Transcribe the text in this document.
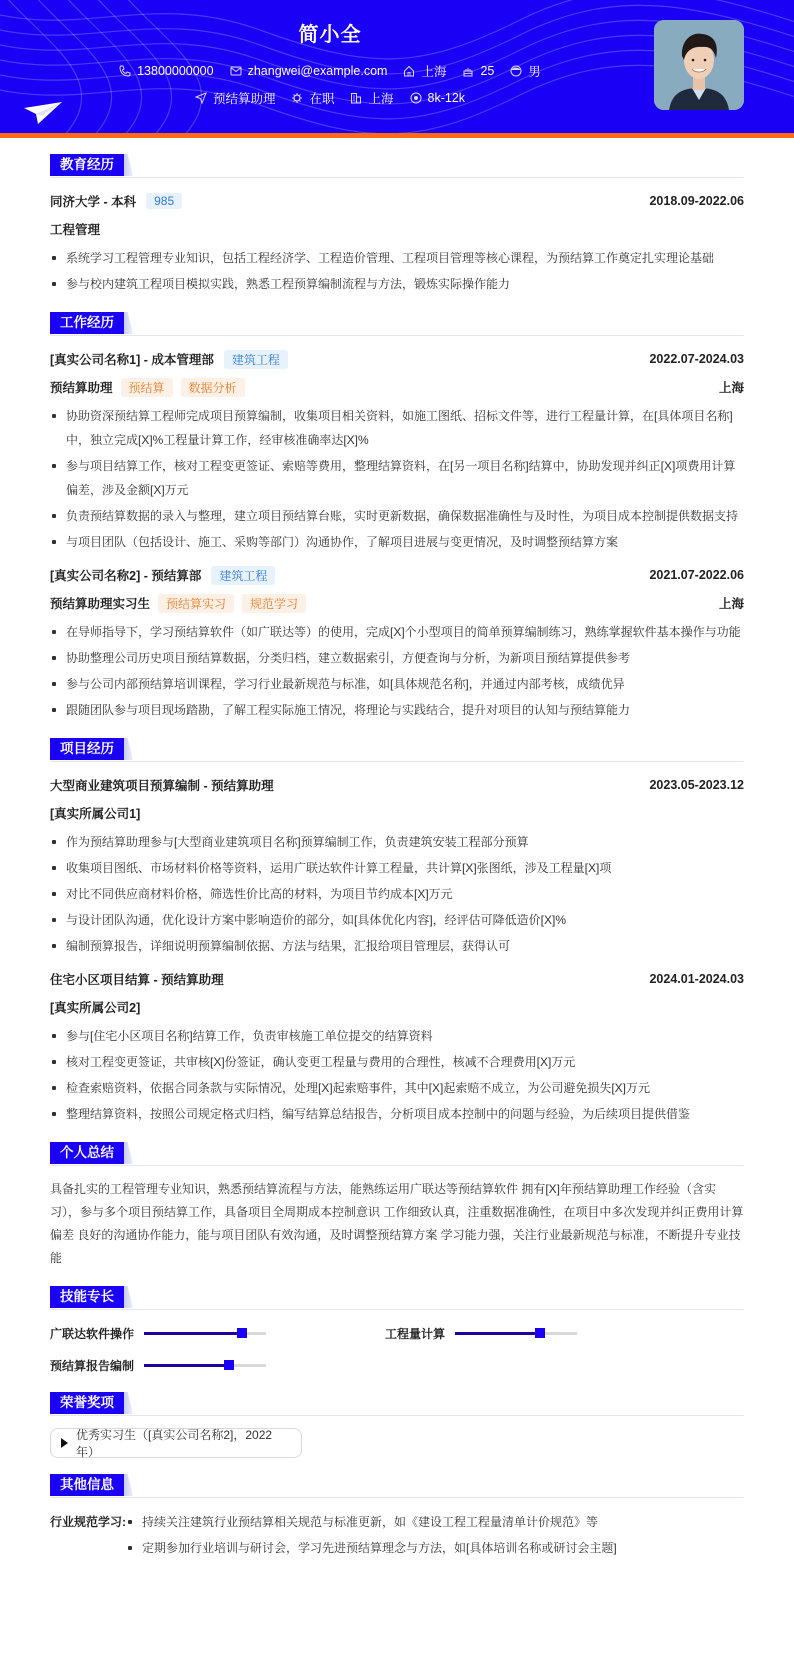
简小全
13800000000	zhangwei@example.com	上海	25	男
预结算助理	在职	上海	8k-12k
教育经历
同济大学 - 本科	985	2018.09-2022.06
工程管理
系统学习工程管理专业知识，包括工程经济学、工程造价管理、工程项目管理等核心课程，为预结算工作奠定扎实理论基础
参与校内建筑工程项目模拟实践，熟悉工程预算编制流程与方法，锻炼实际操作能力
工作经历
[真实公司名称1] - 成本管理部	建筑工程	2022.07-2024.03
预结算助理	预结算	数据分析	上海
协助资深预结算工程师完成项目预算编制，收集项目相关资料，如施工图纸、招标文件等，进行工程量计算，在[具体项目名称]中，独立完成[X]%工程量计算工作，经审核准确率达[X]%
参与项目结算工作，核对工程变更签证、索赔等费用，整理结算资料，在[另一项目名称]结算中，协助发现并纠正[X]项费用计算偏差，涉及金额[X]万元
负责预结算数据的录入与整理，建立项目预结算台账，实时更新数据，确保数据准确性与及时性，为项目成本控制提供数据支持
与项目团队（包括设计、施工、采购等部门）沟通协作，了解项目进展与变更情况，及时调整预结算方案
[真实公司名称2] - 预结算部	建筑工程	2021.07-2022.06
预结算助理实习生	预结算实习	规范学习	上海
在导师指导下，学习预结算软件（如广联达等）的使用，完成[X]个小型项目的简单预算编制练习，熟练掌握软件基本操作与功能
协助整理公司历史项目预结算数据，分类归档，建立数据索引，方便查询与分析，为新项目预结算提供参考
参与公司内部预结算培训课程，学习行业最新规范与标准，如[具体规范名称]，并通过内部考核，成绩优异
跟随团队参与项目现场踏勘，了解工程实际施工情况，将理论与实践结合，提升对项目的认知与预结算能力
项目经历
大型商业建筑项目预算编制 - 预结算助理	2023.05-2023.12
[真实所属公司1]
作为预结算助理参与[大型商业建筑项目名称]预算编制工作，负责建筑安装工程部分预算
收集项目图纸、市场材料价格等资料，运用广联达软件计算工程量，共计算[X]张图纸，涉及工程量[X]项
对比不同供应商材料价格，筛选性价比高的材料，为项目节约成本[X]万元
与设计团队沟通，优化设计方案中影响造价的部分，如[具体优化内容]，经评估可降低造价[X]%
编制预算报告，详细说明预算编制依据、方法与结果，汇报给项目管理层，获得认可
住宅小区项目结算 - 预结算助理	2024.01-2024.03
[真实所属公司2]
参与[住宅小区项目名称]结算工作，负责审核施工单位提交的结算资料
核对工程变更签证，共审核[X]份签证，确认变更工程量与费用的合理性，核减不合理费用[X]万元
检查索赔资料，依据合同条款与实际情况，处理[X]起索赔事件，其中[X]起索赔不成立，为公司避免损失[X]万元
整理结算资料，按照公司规定格式归档，编写结算总结报告，分析项目成本控制中的问题与经验，为后续项目提供借鉴
个人总结

具备扎实的工程管理专业知识，熟悉预结算流程与方法，能熟练运用广联达等预结算软件 拥有[X]年预结算助理工作经验（含实习），参与多个项目预结算工作，具备项目全周期成本控制意识 工作细致认真，注重数据准确性，在项目中多次发现并纠正费用计算偏差 良好的沟通协作能力，能与项目团队有效沟通，及时调整预结算方案 学习能力强，关注行业最新规范与标准，不断提升专业技能

技能专长
广联达软件操作	工程量计算
预结算报告编制
荣誉奖项
优秀实习生（[真实公司名称2]，2022年）
其他信息
行业规范学习:	持续关注建筑行业预结算相关规范与标准更新，如《建设工程工程量清单计价规范》等
定期参加行业培训与研讨会，学习先进预结算理念与方法，如[具体培训名称或研讨会主题]
